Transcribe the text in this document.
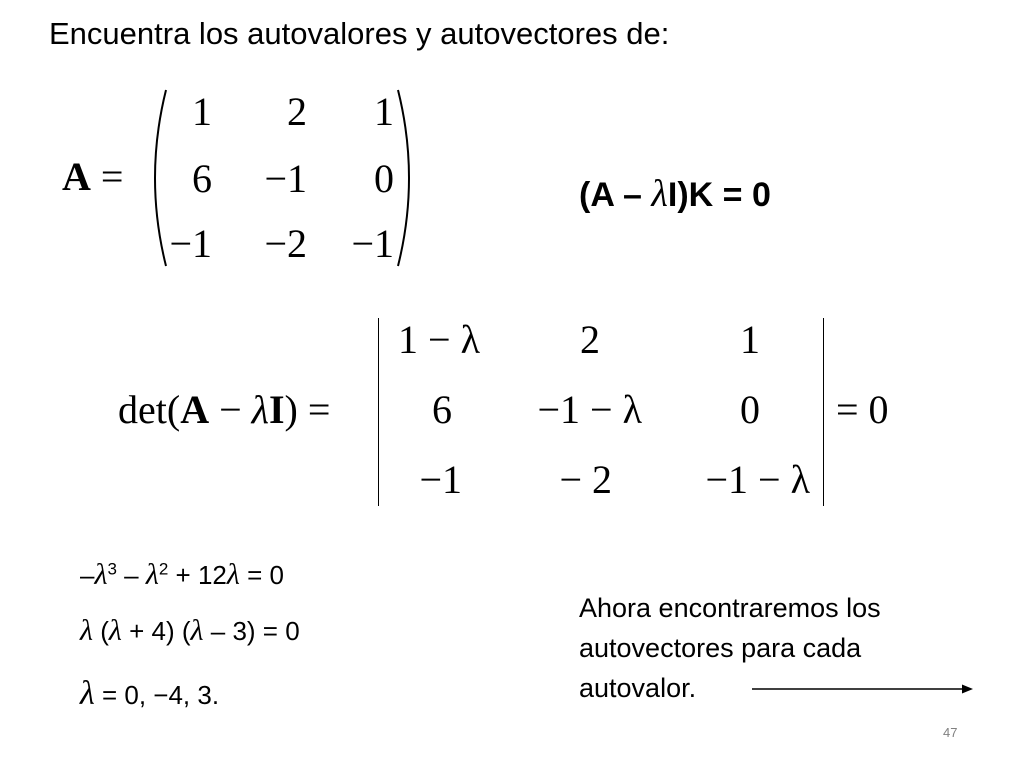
Encuentra los autovalores y autovectores de:
A =
1	2	1
6	−1	0
−1	−2	−1
(A – λI)K = 0
det(A − λI) =
1 − λ	2	1
6	−1 − λ	0
−1	− 2	−1 − λ
= 0
$-\lambda^3 - \lambda^2 + 12\lambda = 0$
λ (λ + 4) (λ – 3) = 0
λ = 0, −4, 3.
Ahora encontraremos los
autovectores para cada
autovalor.
47
